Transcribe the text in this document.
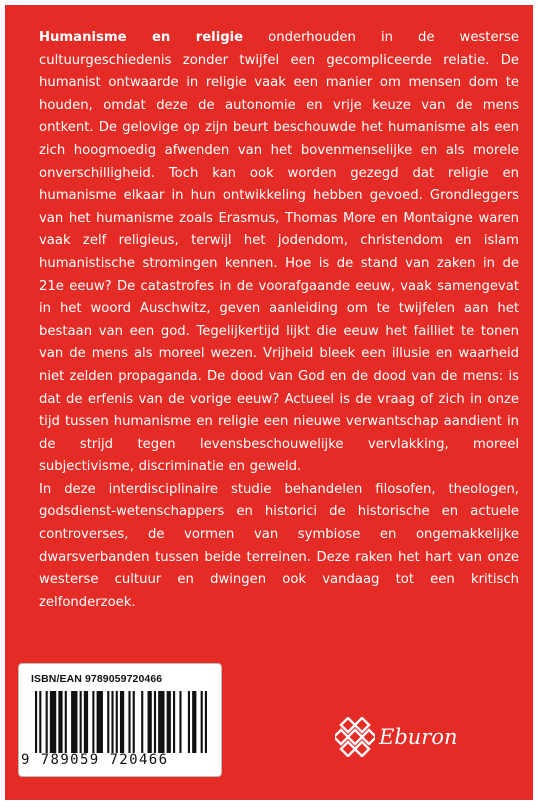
Humanisme en religie onderhouden in de westerse cultuurgeschiedenis zonder twijfel een gecompliceerde relatie. De humanist ontwaarde in religie vaak een manier om mensen dom te houden, omdat deze de autonomie en vrije keuze van de mens ontkent. De gelovige op zijn beurt beschouwde het humanisme als een zich hoogmoedig afwenden van het bovenmenselijke en als morele onverschilligheid. Toch kan ook worden gezegd dat religie en humanisme elkaar in hun ontwikkeling hebben gevoed. Grondleggers van het humanisme zoals Erasmus, Thomas More en Montaigne waren vaak zelf religieus, terwijl het jodendom, christendom en islam humanistische stromingen kennen. Hoe is de stand van zaken in de 21e eeuw? De catastrofes in de voorafgaande eeuw, vaak samengevat in het woord Auschwitz, geven aanleiding om te twijfelen aan het bestaan van een god. Tegelijkertijd lijkt die eeuw het failliet te tonen van de mens als moreel wezen. Vrijheid bleek een illusie en waarheid niet zelden propaganda. De dood van God en de dood van de mens: is dat de erfenis van de vorige eeuw? Actueel is de vraag of zich in onze tijd tussen humanisme en religie een nieuwe verwantschap aandient in de strijd tegen levensbeschouwelijke vervlakking, moreel subjectivisme, discriminatie en geweld.

In deze interdisciplinaire studie behandelen filosofen, theologen, godsdienst-wetenschappers en historici de historische en actuele controverses, de vormen van symbiose en ongemakkelijke dwarsverbanden tussen beide terreinen. Deze raken het hart van onze westerse cultuur en dwingen ook vandaag tot een kritisch zelfonderzoek.

ISBN/EAN 9789059720466
9 789059 720466
Eburon
